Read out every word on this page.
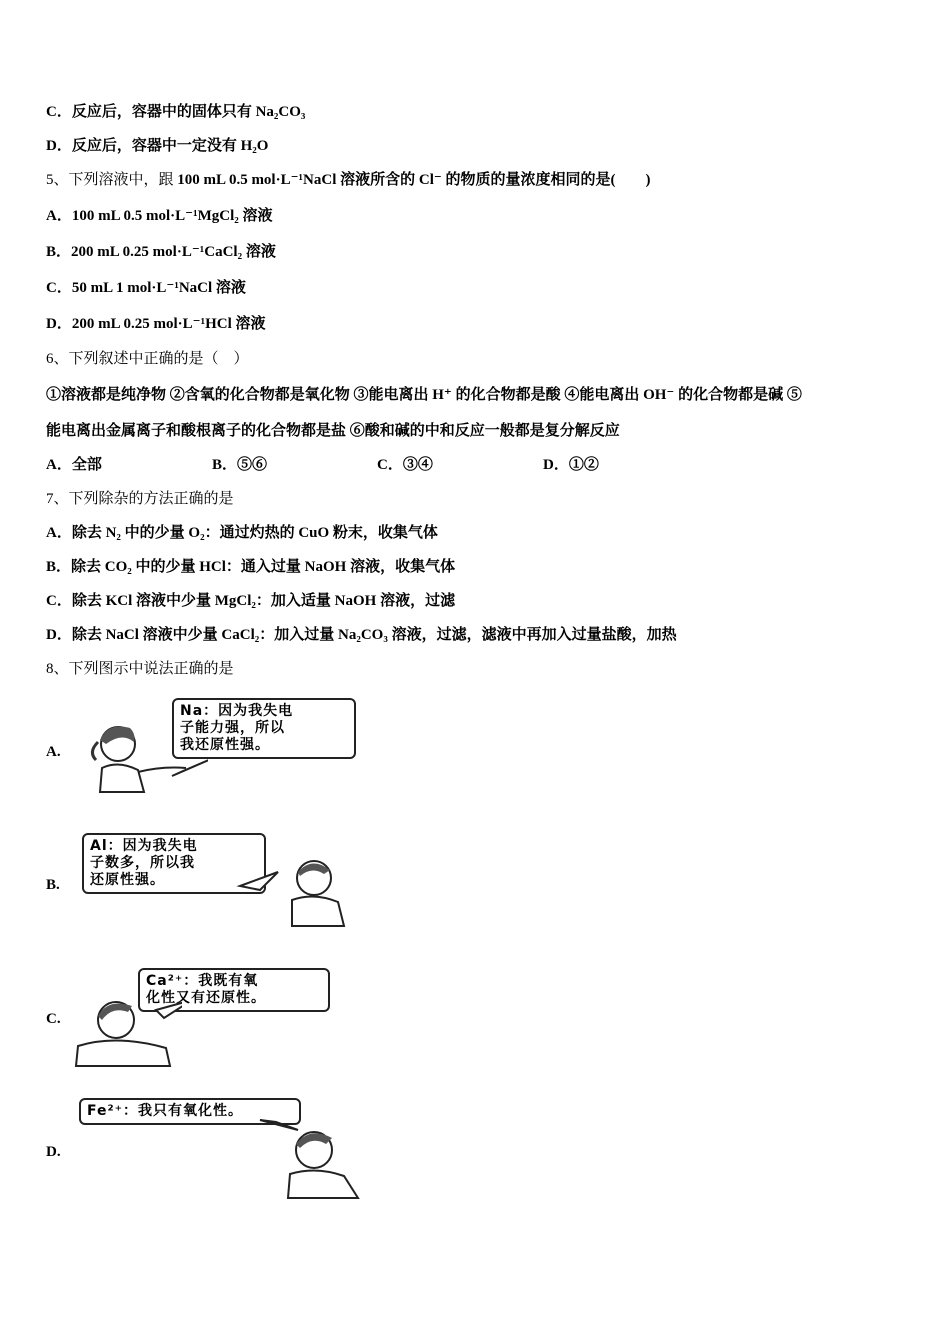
C．反应后，容器中的固体只有 Na₂CO₃
D．反应后，容器中一定没有 H₂O
5、下列溶液中，跟 100 mL 0.5 mol·L⁻¹NaCl 溶液所含的 Cl⁻ 的物质的量浓度相同的是(　　)
A．100 mL 0.5 mol·L⁻¹MgCl₂ 溶液
B．200 mL 0.25 mol·L⁻¹CaCl₂ 溶液
C．50 mL 1 mol·L⁻¹NaCl 溶液
D．200 mL 0.25 mol·L⁻¹HCl 溶液
6、下列叙述中正确的是（　）
①溶液都是纯净物 ②含氧的化合物都是氧化物 ③能电离出 H⁺ 的化合物都是酸 ④能电离出 OH⁻ 的化合物都是碱 ⑤
能电离出金属离子和酸根离子的化合物都是盐 ⑥酸和碱的中和反应一般都是复分解反应
A．全部	B．⑤⑥	C．③④	D．①②
7、下列除杂的方法正确的是
A．除去 N₂ 中的少量 O₂：通过灼热的 CuO 粉末，收集气体
B．除去 CO₂ 中的少量 HCl：通入过量 NaOH 溶液，收集气体
C．除去 KCl 溶液中少量 MgCl₂：加入适量 NaOH 溶液，过滤
D．除去 NaCl 溶液中少量 CaCl₂：加入过量 Na₂CO₃ 溶液，过滤，滤液中再加入过量盐酸，加热
8、下列图示中说法正确的是
A.
Na：因为我失电
子能力强，所以
我还原性强。
B.
Al：因为我失电
子数多，所以我
还原性强。
C.
Ca²⁺：我既有氧
化性又有还原性。
D.
Fe²⁺：我只有氧化性。
